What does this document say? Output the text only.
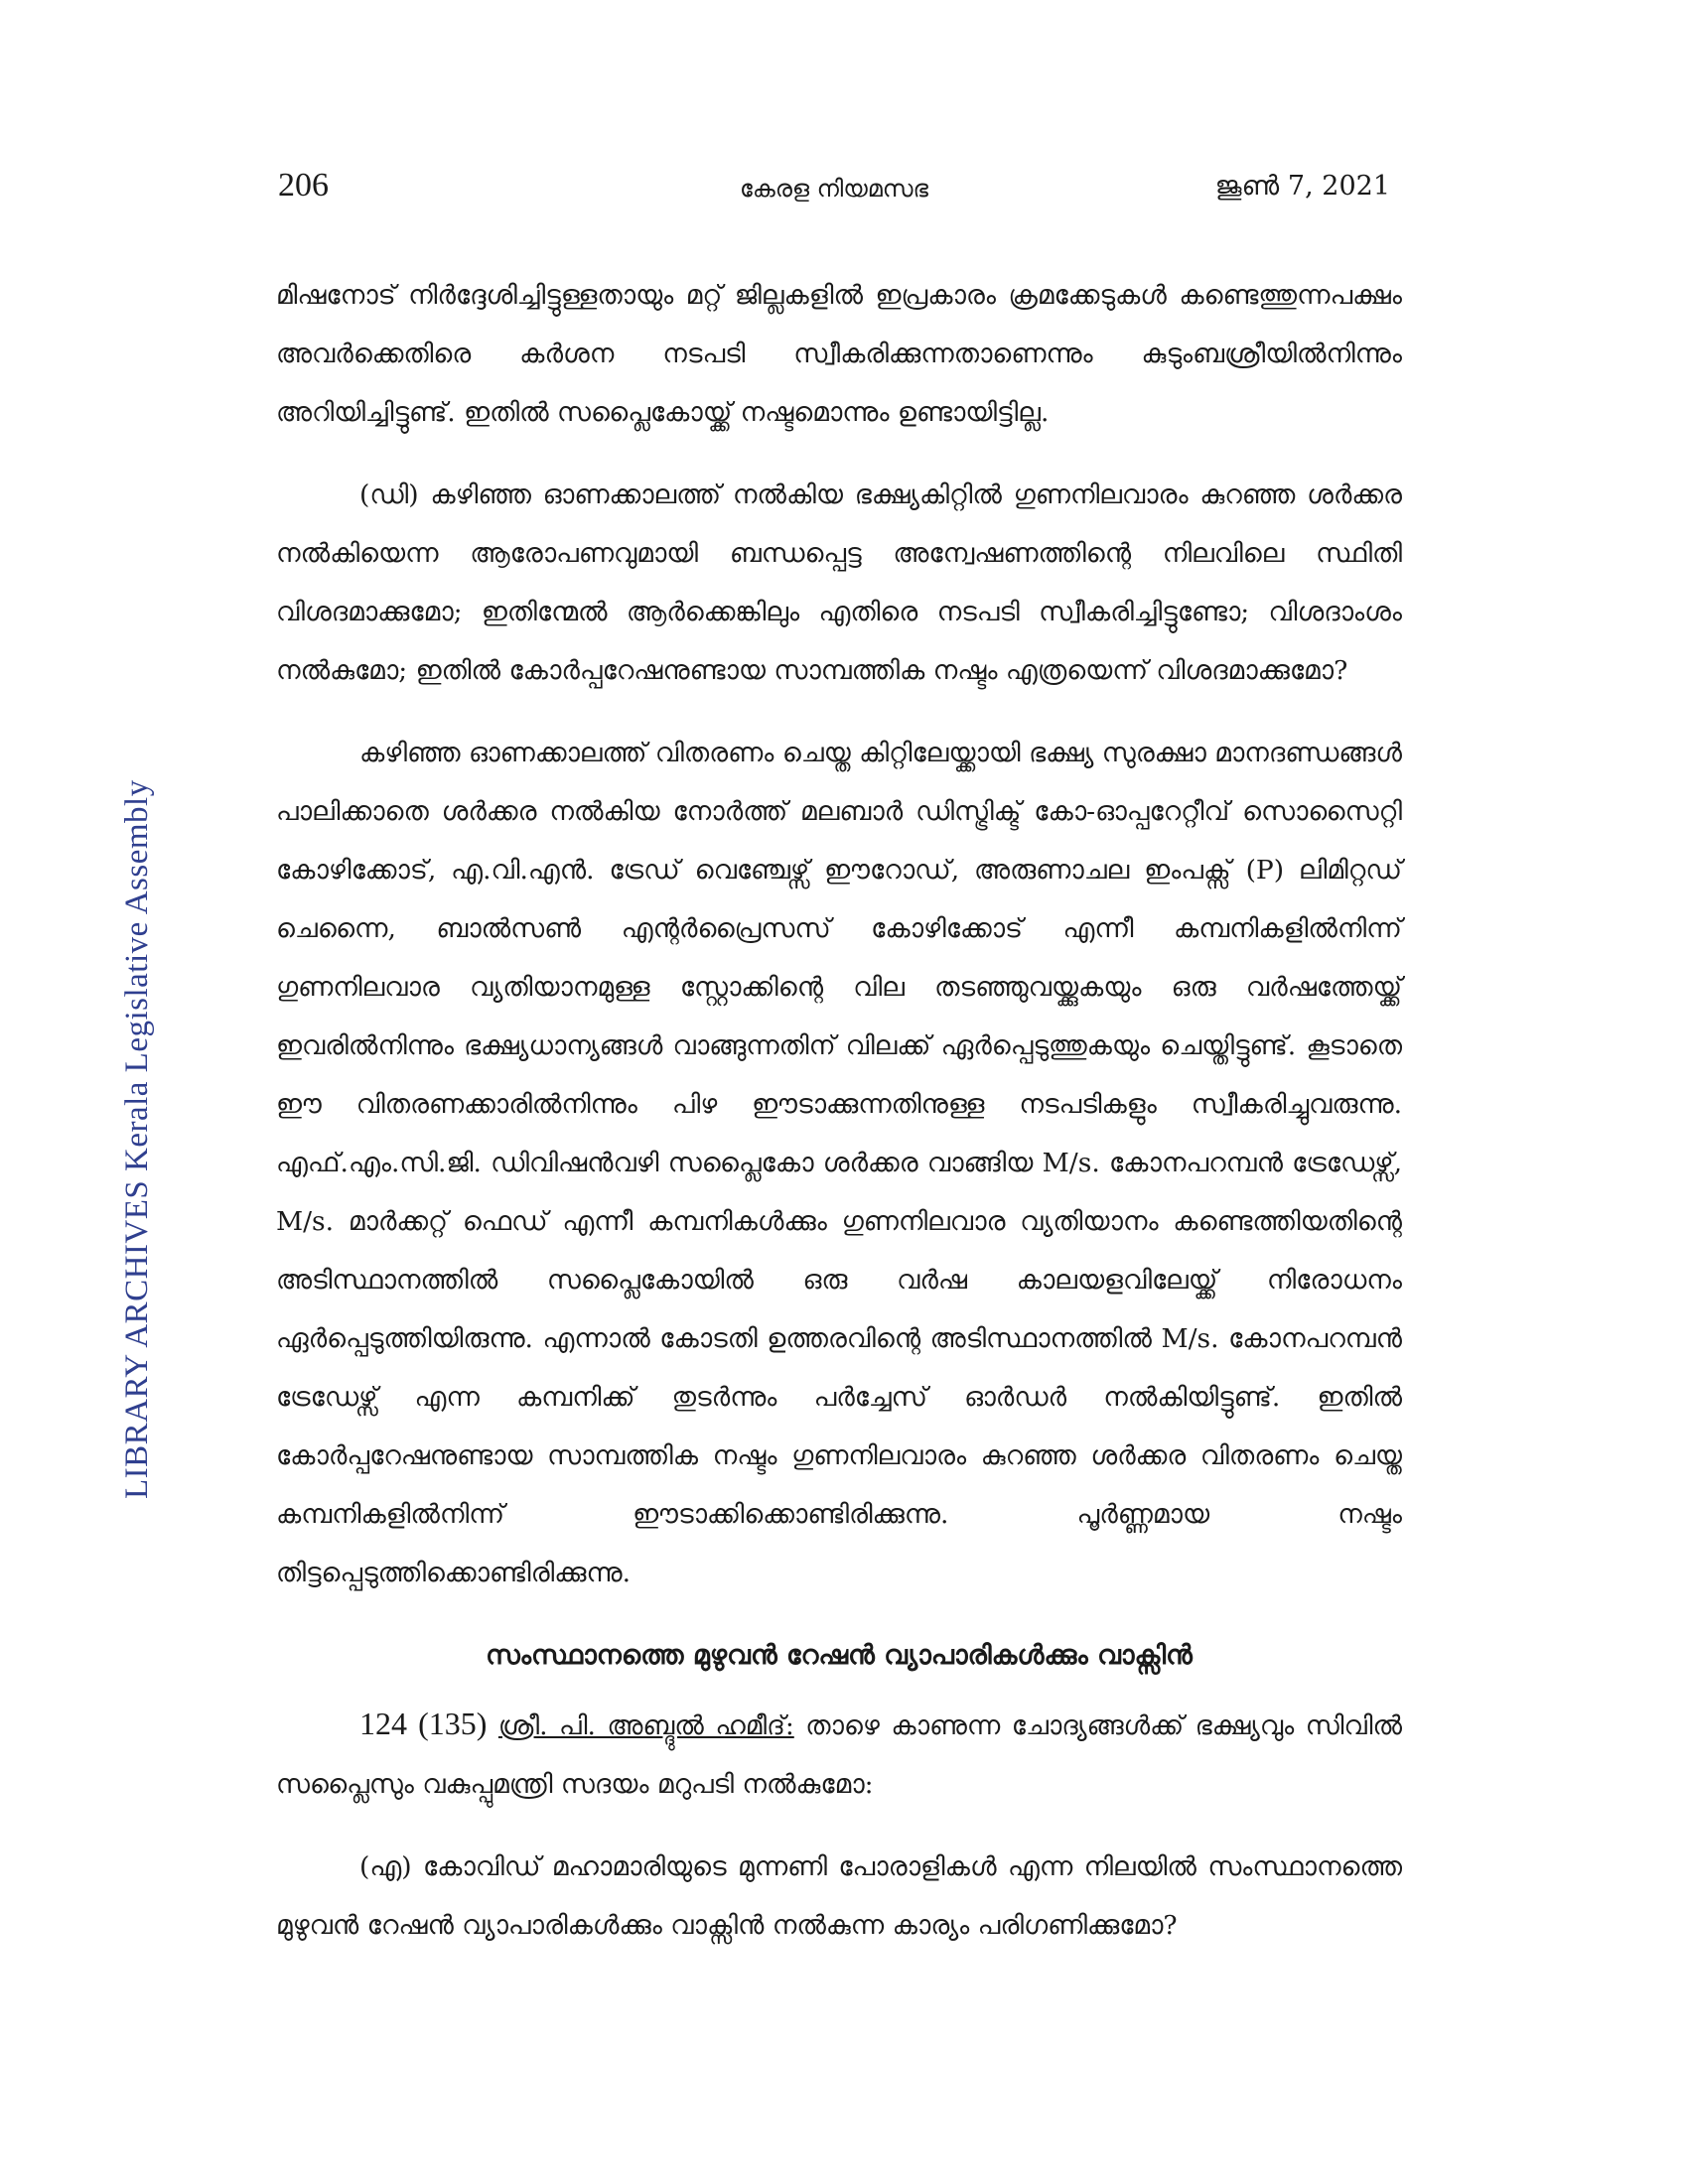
206	കേരള നിയമസഭ	ജൂൺ 7, 2021
LIBRARY ARCHIVES Kerala Legislative Assembly

മിഷനോട് നിർദ്ദേശിച്ചിട്ടുള്ളതായും മറ്റ് ജില്ലകളിൽ ഇപ്രകാരം ക്രമക്കേടുകൾ കണ്ടെത്തുന്നപക്ഷം അവർക്കെതിരെ കർശന നടപടി സ്വീകരിക്കുന്നതാണെന്നും കുടുംബശ്രീയിൽനിന്നും അറിയിച്ചിട്ടുണ്ട്. ഇതിൽ സപ്ലൈകോയ്ക്ക് നഷ്ടമൊന്നും ഉണ്ടായിട്ടില്ല.

(ഡി) കഴിഞ്ഞ ഓണക്കാലത്ത് നൽകിയ ഭക്ഷ്യകിറ്റിൽ ഗുണനിലവാരം കുറഞ്ഞ ശർക്കര നൽകിയെന്ന ആരോപണവുമായി ബന്ധപ്പെട്ട അന്വേഷണത്തിന്റെ നിലവിലെ സ്ഥിതി വിശദമാക്കുമോ; ഇതിന്മേൽ ആർക്കെങ്കിലും എതിരെ നടപടി സ്വീകരിച്ചിട്ടുണ്ടോ; വിശദാംശം നൽകുമോ; ഇതിൽ കോർപ്പറേഷനുണ്ടായ സാമ്പത്തിക നഷ്ടം എത്രയെന്ന് വിശദമാക്കുമോ?

കഴിഞ്ഞ ഓണക്കാലത്ത് വിതരണം ചെയ്ത കിറ്റിലേയ്ക്കായി ഭക്ഷ്യ സുരക്ഷാ മാനദണ്ഡങ്ങൾ പാലിക്കാതെ ശർക്കര നൽകിയ നോർത്ത് മലബാർ ഡിസ്ട്രിക്ട് കോ-ഓപ്പറേറ്റീവ് സൊസൈറ്റി കോഴിക്കോട്, എ.വി.എൻ. ട്രേഡ് വെഞ്ചേഴ്സ് ഈറോഡ്, അരുണാചല ഇംപക്സ് (P) ലിമിറ്റഡ് ചെന്നൈ, ബാൽസൺ എന്റർപ്രൈസസ് കോഴിക്കോട് എന്നീ കമ്പനികളിൽനിന്ന് ഗുണനിലവാര വ്യതിയാനമുള്ള സ്റ്റോക്കിന്റെ വില തടഞ്ഞുവയ്ക്കുകയും ഒരു വർഷത്തേയ്ക്ക് ഇവരിൽനിന്നും ഭക്ഷ്യധാന്യങ്ങൾ വാങ്ങുന്നതിന് വിലക്ക് ഏർപ്പെടുത്തുകയും ചെയ്തിട്ടുണ്ട്. കൂടാതെ ഈ വിതരണക്കാരിൽനിന്നും പിഴ ഈടാക്കുന്നതിനുള്ള നടപടികളും സ്വീകരിച്ചുവരുന്നു. എഫ്.എം.സി.ജി. ഡിവിഷൻവഴി സപ്ലൈകോ ശർക്കര വാങ്ങിയ M/s. കോനപറമ്പൻ ട്രേഡേഴ്സ്, M/s. മാർക്കറ്റ് ഫെഡ് എന്നീ കമ്പനികൾക്കും ഗുണനിലവാര വ്യതിയാനം കണ്ടെത്തിയതിന്റെ അടിസ്ഥാനത്തിൽ സപ്ലൈകോയിൽ ഒരു വർഷ കാലയളവിലേയ്ക്ക് നിരോധനം ഏർപ്പെടുത്തിയിരുന്നു. എന്നാൽ കോടതി ഉത്തരവിന്റെ അടിസ്ഥാനത്തിൽ M/s. കോനപറമ്പൻ ട്രേഡേഴ്സ് എന്ന കമ്പനിക്ക് തുടർന്നും പർച്ചേസ് ഓർഡർ നൽകിയിട്ടുണ്ട്. ഇതിൽ കോർപ്പറേഷനുണ്ടായ സാമ്പത്തിക നഷ്ടം ഗുണനിലവാരം കുറഞ്ഞ ശർക്കര വിതരണം ചെയ്ത കമ്പനികളിൽനിന്ന് ഈടാക്കിക്കൊണ്ടിരിക്കുന്നു. പൂർണ്ണമായ നഷ്ടം തിട്ടപ്പെടുത്തിക്കൊണ്ടിരിക്കുന്നു.

സംസ്ഥാനത്തെ മുഴുവൻ റേഷൻ വ്യാപാരികൾക്കും വാക്സിൻ

124 (135) ശ്രീ. പി. അബ്ദുൽ ഹമീദ്: താഴെ കാണുന്ന ചോദ്യങ്ങൾക്ക് ഭക്ഷ്യവും സിവിൽ സപ്ലൈസും വകുപ്പുമന്ത്രി സദയം മറുപടി നൽകുമോ:

(എ) കോവിഡ് മഹാമാരിയുടെ മുന്നണി പോരാളികൾ എന്ന നിലയിൽ സംസ്ഥാനത്തെ മുഴുവൻ റേഷൻ വ്യാപാരികൾക്കും വാക്സിൻ നൽകുന്ന കാര്യം പരിഗണിക്കുമോ?
